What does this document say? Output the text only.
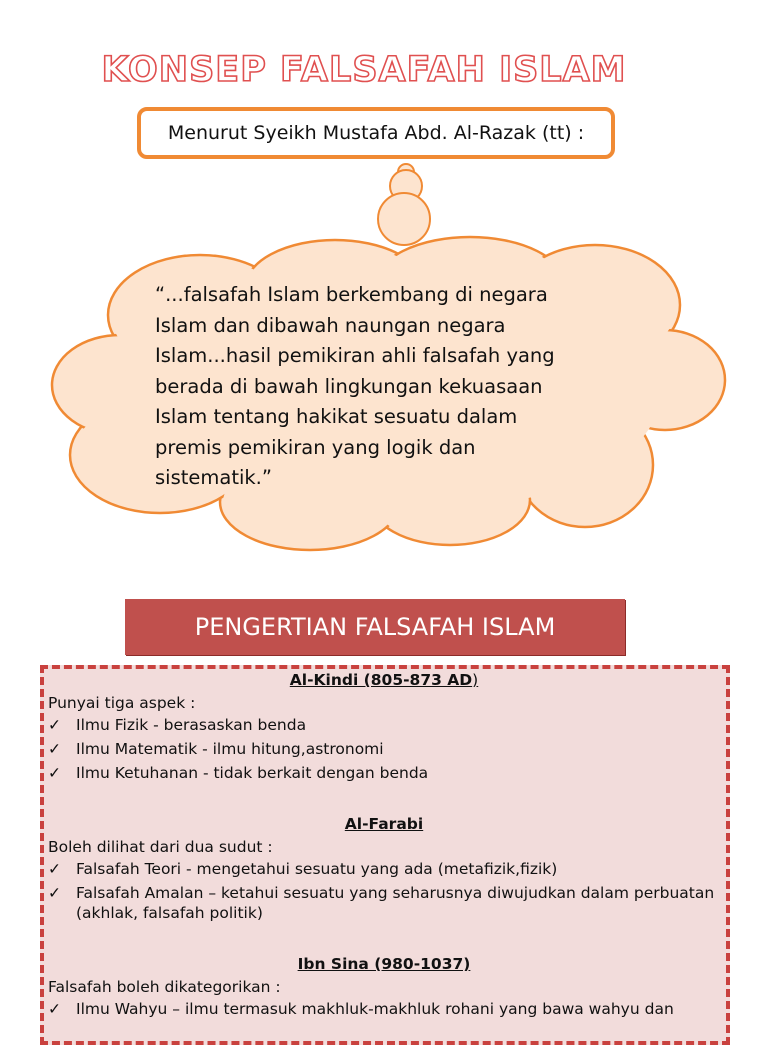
KONSEP FALSAFAH ISLAM
Menurut Syeikh Mustafa Abd. Al-Razak (tt) :
“...falsafah Islam berkembang di negara
Islam dan dibawah naungan negara
Islam...hasil pemikiran ahli falsafah yang
berada di bawah lingkungan kekuasaan
Islam tentang hakikat sesuatu dalam
premis pemikiran yang logik dan
sistematik.”
PENGERTIAN FALSAFAH ISLAM
Al-Kindi (805-873 AD)
Punyai tiga aspek :
✓ Ilmu Fizik - berasaskan benda
✓ Ilmu Matematik - ilmu hitung,astronomi
✓ Ilmu Ketuhanan - tidak berkait dengan benda
Al-Farabi
Boleh dilihat dari dua sudut :
✓ Falsafah Teori - mengetahui sesuatu yang ada (metafizik,fizik)
✓ Falsafah Amalan – ketahui sesuatu yang seharusnya diwujudkan dalam perbuatan (akhlak, falsafah politik)
Ibn Sina (980-1037)
Falsafah boleh dikategorikan :
✓ Ilmu Wahyu – ilmu termasuk makhluk-makhluk rohani yang bawa wahyu dan
